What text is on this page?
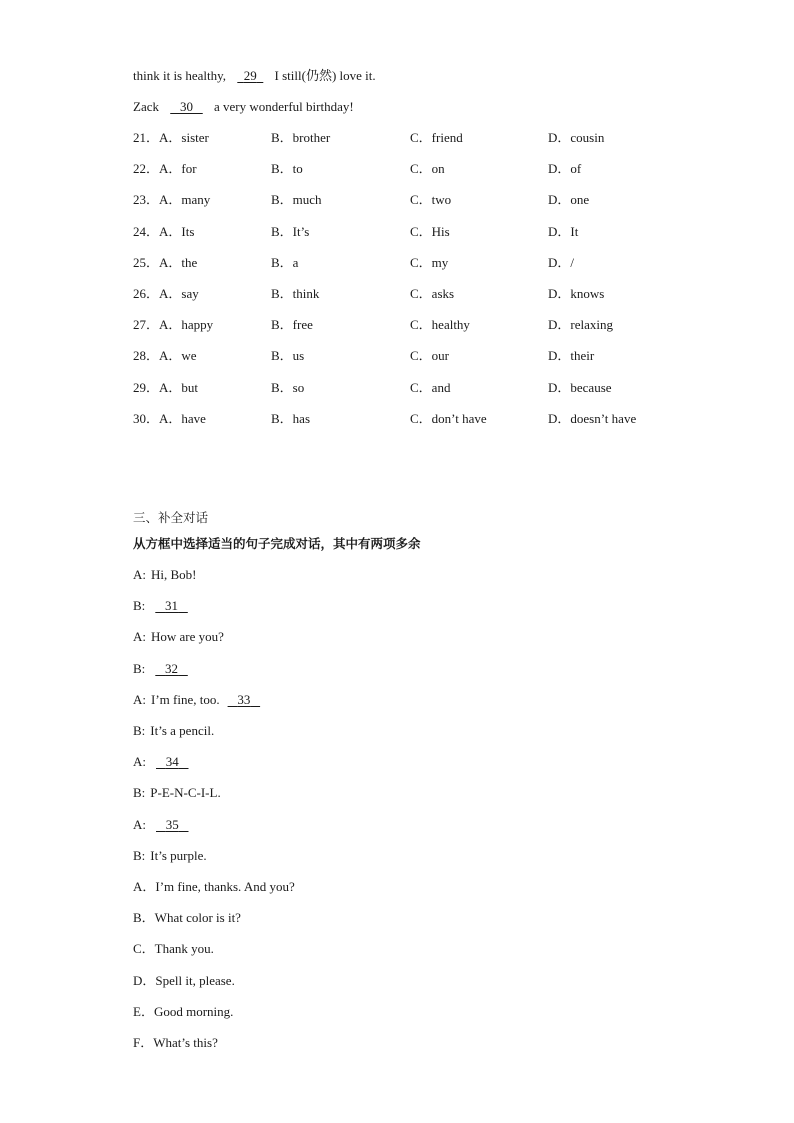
think it is healthy, 29 I still(仍然) love it.
Zack 30 a very wonderful birthday!
21．A．sister	B．brother	C．friend	D．cousin
22．A．for	B．to	C．on	D．of
23．A．many	B．much	C．two	D．one
24．A．Its	B．It’s	C．His	D．It
25．A．the	B．a	C．my	D．/
26．A．say	B．think	C．asks	D．knows
27．A．happy	B．free	C．healthy	D．relaxing
28．A．we	B．us	C．our	D．their
29．A．but	B．so	C．and	D．because
30．A．have	B．has	C．don’t have	D．doesn’t have
三、补全对话
从方框中选择适当的句子完成对话，其中有两项多余
A: Hi, Bob!
B: 31
A: How are you?
B: 32
A: I’m fine, too. 33
B: It’s a pencil.
A: 34
B: P-E-N-C-I-L.
A: 35
B: It’s purple.
A．I’m fine, thanks. And you?
B．What color is it?
C．Thank you.
D．Spell it, please.
E．Good morning.
F．What’s this?
